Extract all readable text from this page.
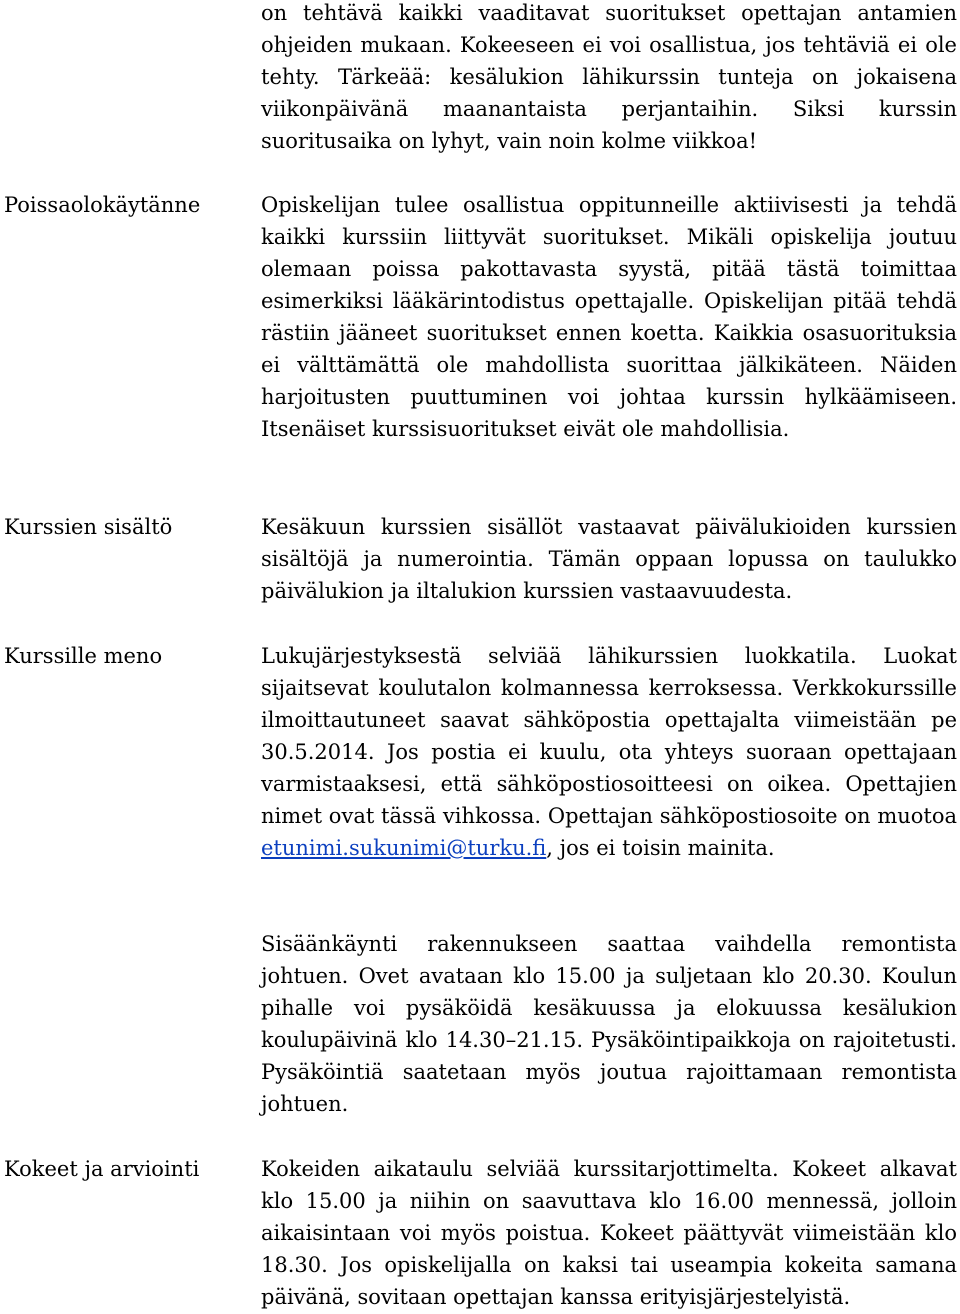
on tehtävä kaikki vaaditavat suoritukset opettajan antamien ohjeiden mukaan. Kokeeseen ei voi osallistua, jos tehtäviä ei ole tehty. Tärkeää: kesälukion lähikurssin tunteja on jokaisena viikonpäivänä maanantaista perjantaihin. Siksi kurssin suoritusaika on lyhyt, vain noin kolme viikkoa!
Poissaolokäytänne	Opiskelijan tulee osallistua oppitunneille aktiivisesti ja tehdä kaikki kurssiin liittyvät suoritukset. Mikäli opiskelija joutuu olemaan poissa pakottavasta syystä, pitää tästä toimittaa esimerkiksi lääkärintodistus opettajalle. Opiskelijan pitää tehdä rästiin jääneet suoritukset ennen koetta. Kaikkia osasuorituksia ei välttämättä ole mahdollista suorittaa jälkikäteen. Näiden harjoitusten puuttuminen voi johtaa kurssin hylkäämiseen. Itsenäiset kurssisuoritukset eivät ole mahdollisia.
Kurssien sisältö	Kesäkuun kurssien sisällöt vastaavat päivälukioiden kurssien sisältöjä ja numerointia. Tämän oppaan lopussa on taulukko päivälukion ja iltalukion kurssien vastaavuudesta.
Kurssille meno	Lukujärjestyksestä selviää lähikurssien luokkatila. Luokat sijaitsevat koulutalon kolmannessa kerroksessa. Verkkokurssille ilmoittautuneet saavat sähköpostia opettajalta viimeistään pe 30.5.2014. Jos postia ei kuulu, ota yhteys suoraan opettajaan varmistaaksesi, että sähköpostiosoitteesi on oikea. Opettajien nimet ovat tässä vihkossa. Opettajan sähköpostiosoite on muotoa etunimi.sukunimi@turku.fi, jos ei toisin mainita.
Sisäänkäynti rakennukseen saattaa vaihdella remontista johtuen. Ovet avataan klo 15.00 ja suljetaan klo 20.30. Koulun pihalle voi pysäköidä kesäkuussa ja elokuussa kesälukion koulupäivinä klo 14.30–21.15. Pysäköintipaikkoja on rajoitetusti. Pysäköintiä saatetaan myös joutua rajoittamaan remontista johtuen.
Kokeet ja arviointi	Kokeiden aikataulu selviää kurssitarjottimelta. Kokeet alkavat klo 15.00 ja niihin on saavuttava klo 16.00 mennessä, jolloin aikaisintaan voi myös poistua. Kokeet päättyvät viimeistään klo 18.30. Jos opiskelijalla on kaksi tai useampia kokeita samana päivänä, sovitaan opettajan kanssa erityisjärjestelyistä.
